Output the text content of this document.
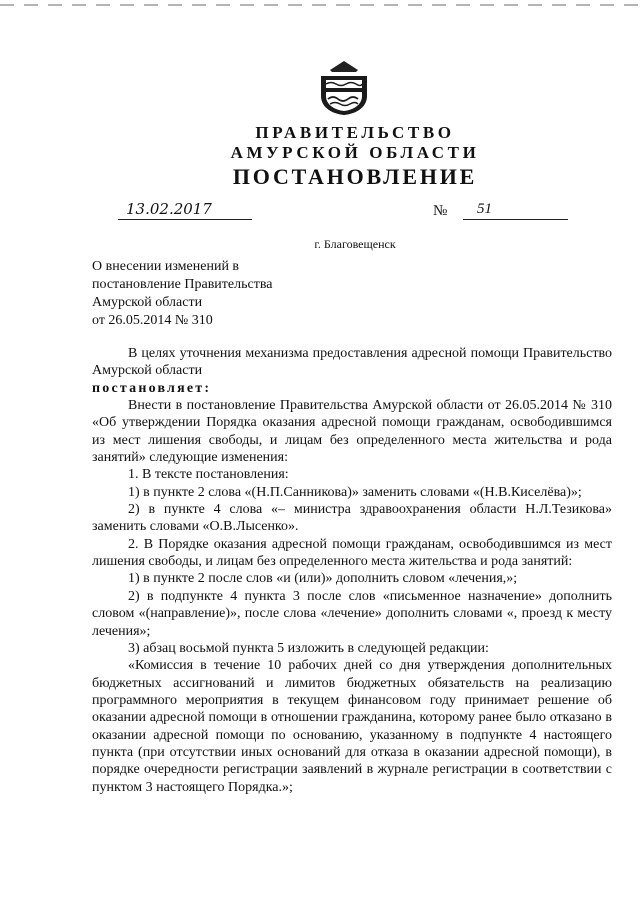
ПРАВИТЕЛЬСТВО
АМУРСКОЙ ОБЛАСТИ
ПОСТАНОВЛЕНИЕ
13.02.2017	№	51
г. Благовещенск
О внесении изменений в
постановление Правительства
Амурской области
от 26.05.2014 № 310
В целях уточнения механизма предоставления адресной помощи Правительство Амурской области
постановляет:
Внести в постановление Правительства Амурской области от 26.05.2014 № 310 «Об утверждении Порядка оказания адресной помощи гражданам, освободившимся из мест лишения свободы, и лицам без определенного места жительства и рода занятий» следующие изменения:
1. В тексте постановления:
1) в пункте 2 слова «(Н.П.Санникова)» заменить словами «(Н.В.Киселёва)»;
2) в пункте 4 слова «– министра здравоохранения области Н.Л.Тезикова» заменить словами «О.В.Лысенко».
2. В Порядке оказания адресной помощи гражданам, освободившимся из мест лишения свободы, и лицам без определенного места жительства и рода занятий:
1) в пункте 2 после слов «и (или)» дополнить словом «лечения,»;
2) в подпункте 4 пункта 3 после слов «письменное назначение» дополнить словом «(направление)», после слова «лечение» дополнить словами «, проезд к месту лечения»;
3) абзац восьмой пункта 5 изложить в следующей редакции:
«Комиссия в течение 10 рабочих дней со дня утверждения дополнительных бюджетных ассигнований и лимитов бюджетных обязательств на реализацию программного мероприятия в текущем финансовом году принимает решение об оказании адресной помощи в отношении гражданина, которому ранее было отказано в оказании адресной помощи по основанию, указанному в подпункте 4 настоящего пункта (при отсутствии иных оснований для отказа в оказании адресной помощи), в порядке очередности регистрации заявлений в журнале регистрации в соответствии с пунктом 3 настоящего Порядка.»;
